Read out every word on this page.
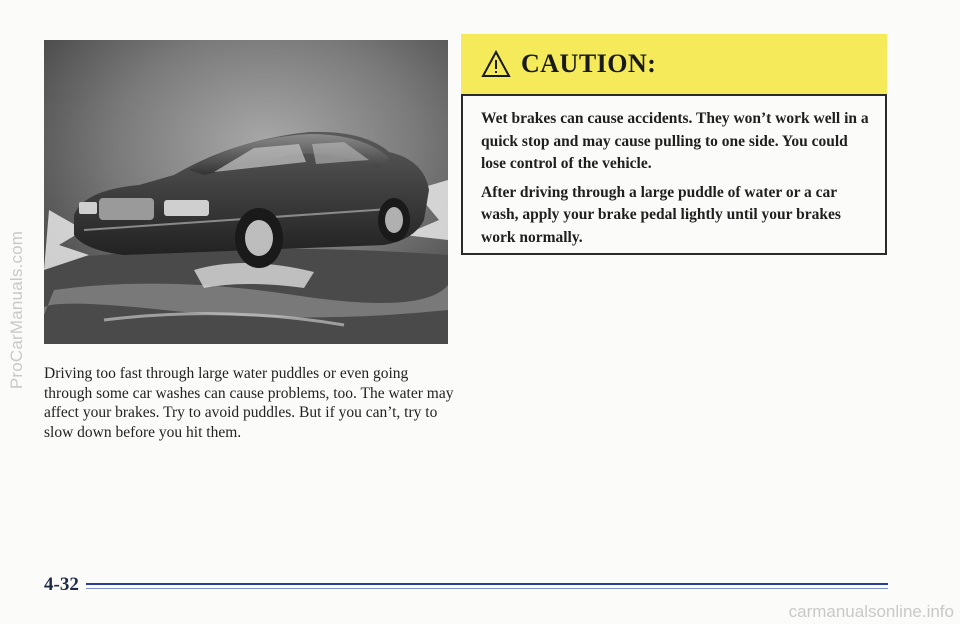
ProCarManuals.com Driving too fast through large water puddles or even going through some car washes can cause problems, too. The water may affect your brakes. Try to avoid puddles. But if you can’t, try to slow down before you hit them.

CAUTION:

Wet brakes can cause accidents. They won’t work well in a quick stop and may cause pulling to one side. You could lose control of the vehicle.

After driving through a large puddle of water or a car wash, apply your brake pedal lightly until your brakes work normally.

4-32
carmanualsonline.info
